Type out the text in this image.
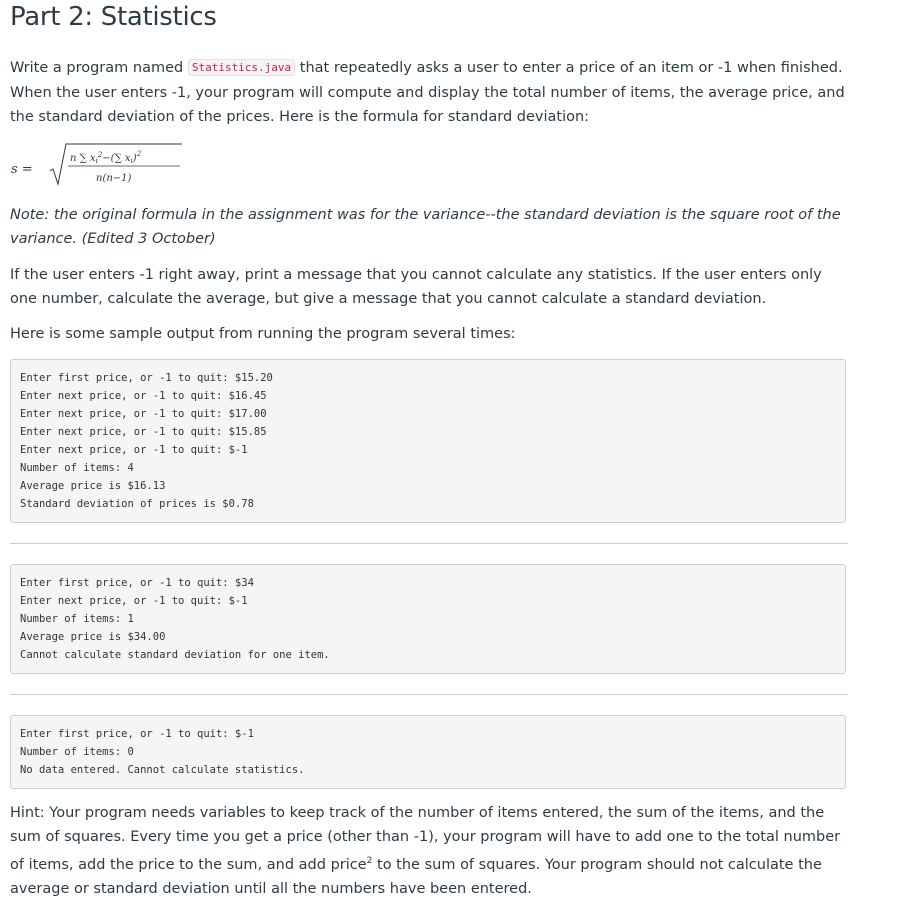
Part 2: Statistics

Write a program named Statistics.java that repeatedly asks a user to enter a price of an item or -1 when finished. When the user enters -1, your program will compute and display the total number of items, the average price, and the standard deviation of the prices. Here is the formula for standard deviation:

s =
n ∑ $x_i^2-(\sum$ $x_i)^2$
n(n−1)

Note: the original formula in the assignment was for the variance--the standard deviation is the square root of the variance. (Edited 3 October)

If the user enters -1 right away, print a message that you cannot calculate any statistics. If the user enters only one number, calculate the average, but give a message that you cannot calculate a standard deviation.

Here is some sample output from running the program several times:

Enter first price, or -1 to quit: $15.20
Enter next price, or -1 to quit: $16.45
Enter next price, or -1 to quit: $17.00
Enter next price, or -1 to quit: $15.85
Enter next price, or -1 to quit: $-1
Number of items: 4
Average price is $16.13
Standard deviation of prices is $0.78
Enter first price, or -1 to quit: $34
Enter next price, or -1 to quit: $-1
Number of items: 1
Average price is $34.00
Cannot calculate standard deviation for one item.
Enter first price, or -1 to quit: $-1
Number of items: 0
No data entered. Cannot calculate statistics.

Hint: Your program needs variables to keep track of the number of items entered, the sum of the items, and the sum of squares. Every time you get a price (other than -1), your program will have to add one to the total number of items, add the price to the sum, and add price$^2$ to the sum of squares. Your program should not calculate the average or standard deviation until all the numbers have been entered.
